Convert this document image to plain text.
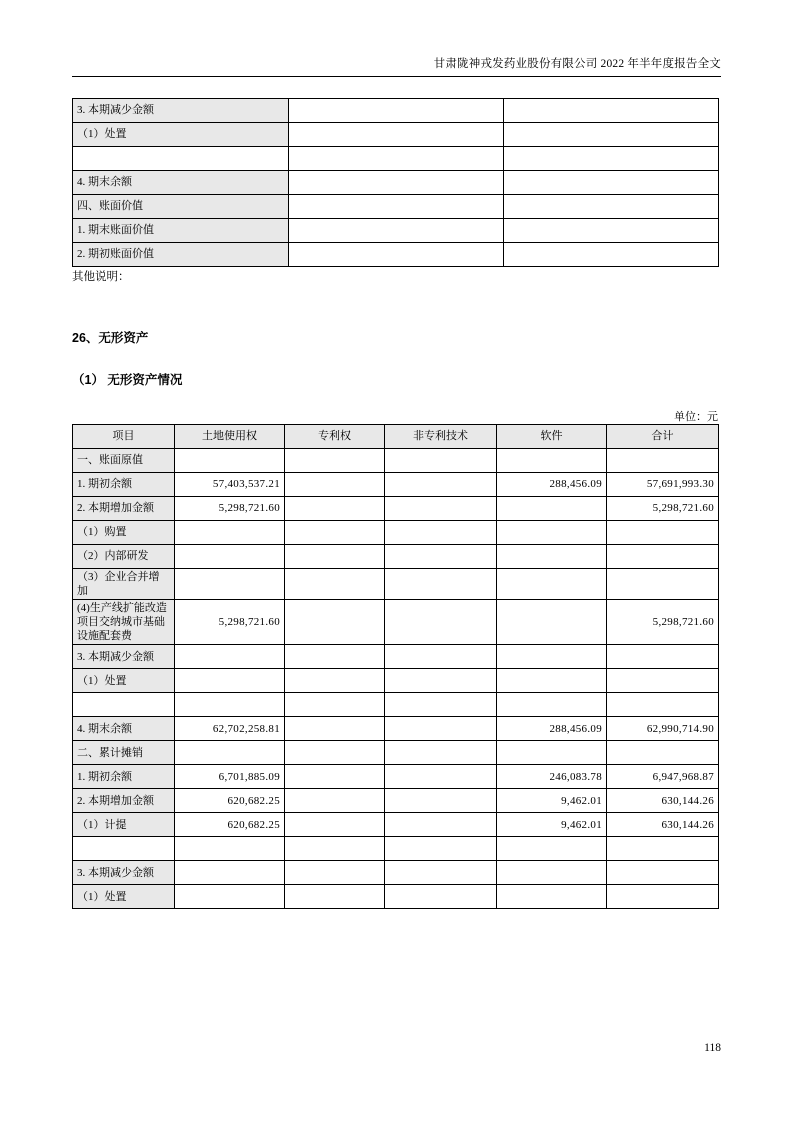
甘肃陇神戎发药业股份有限公司 2022 年半年度报告全文
3. 本期减少金额		
（1）处置		

4. 期末余额		
四、账面价值		
1. 期末账面价值		
2. 期初账面价值		
其他说明：
26、无形资产
（1） 无形资产情况
单位：元
项目	土地使用权	专利权	非专利技术	软件	合计
一、账面原值					
1. 期初余额	57,403,537.21			288,456.09	57,691,993.30
2. 本期增加金额	5,298,721.60				5,298,721.60
（1）购置					
（2）内部研发					
（3）企业合并增加					
(4)生产线扩能改造项目交纳城市基础设施配套费	5,298,721.60				5,298,721.60
3. 本期减少金额					
（1）处置					

4. 期末余额	62,702,258.81			288,456.09	62,990,714.90
二、累计摊销					
1. 期初余额	6,701,885.09			246,083.78	6,947,968.87
2. 本期增加金额	620,682.25			9,462.01	630,144.26
（1）计提	620,682.25			9,462.01	630,144.26

3. 本期减少金额					
（1）处置					
118
